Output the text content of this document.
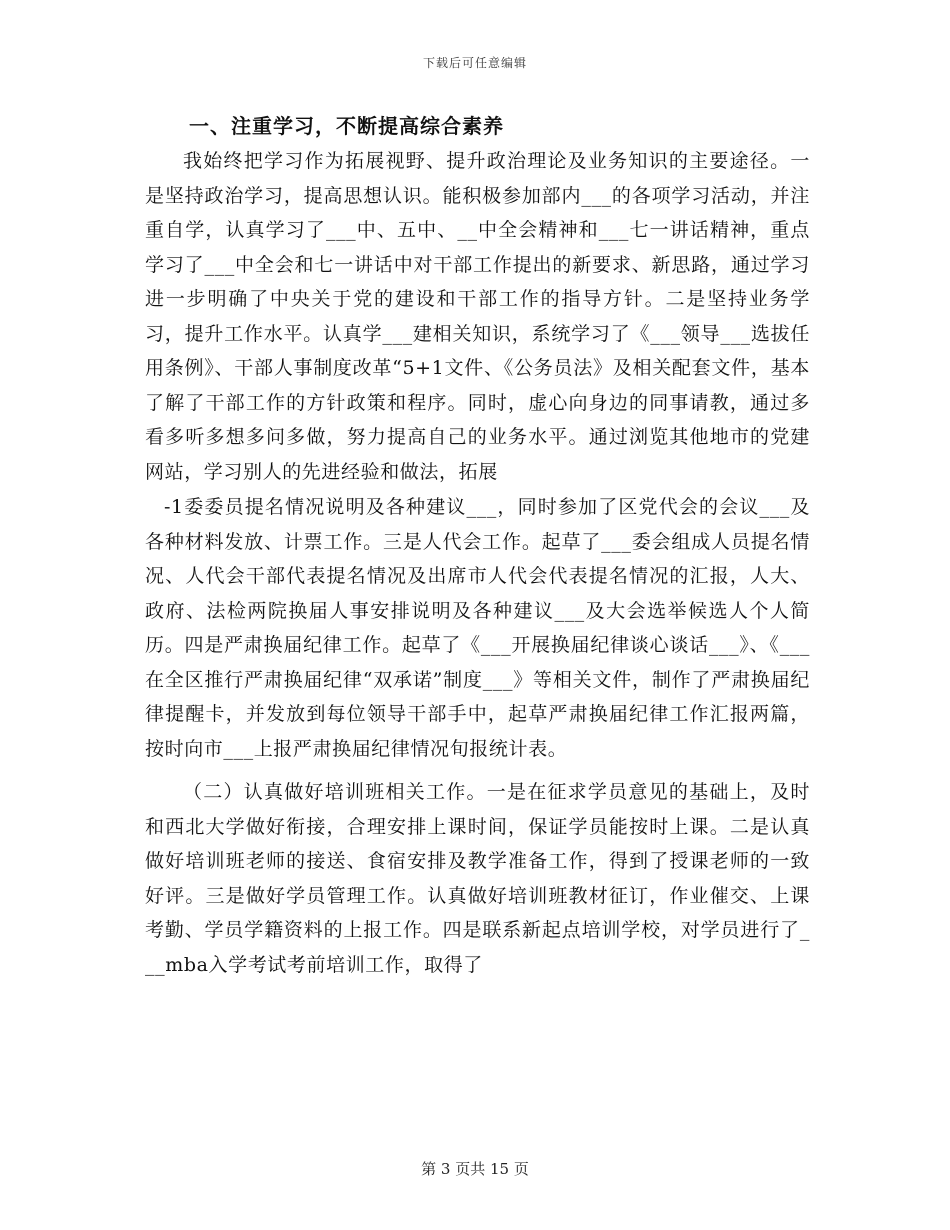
下载后可任意编辑

一、注重学习，不断提高综合素养

我始终把学习作为拓展视野、提升政治理论及业务知识的主要途径。一是坚持政治学习，提高思想认识。能积极参加部内___的各项学习活动，并注重自学，认真学习了___中、五中、__中全会精神和___七一讲话精神，重点学习了___中全会和七一讲话中对干部工作提出的新要求、新思路，通过学习进一步明确了中央关于党的建设和干部工作的指导方针。二是坚持业务学习，提升工作水平。认真学___建相关知识，系统学习了《___领导___选拔任用条例》、干部人事制度改革“5+1文件、《公务员法》及相关配套文件，基本了解了干部工作的方针政策和程序。同时，虚心向身边的同事请教，通过多看多听多想多问多做，努力提高自己的业务水平。通过浏览其他地市的党建网站，学习别人的先进经验和做法，拓展

-1委委员提名情况说明及各种建议___，同时参加了区党代会的会议___及各种材料发放、计票工作。三是人代会工作。起草了___委会组成人员提名情况、人代会干部代表提名情况及出席市人代会代表提名情况的汇报，人大、政府、法检两院换届人事安排说明及各种建议___及大会选举候选人个人简历。四是严肃换届纪律工作。起草了《___开展换届纪律谈心谈话___》、《___在全区推行严肃换届纪律“双承诺”制度___》等相关文件，制作了严肃换届纪律提醒卡，并发放到每位领导干部手中，起草严肃换届纪律工作汇报两篇，按时向市___上报严肃换届纪律情况旬报统计表。

（二）认真做好培训班相关工作。一是在征求学员意见的基础上，及时和西北大学做好衔接，合理安排上课时间，保证学员能按时上课。二是认真做好培训班老师的接送、食宿安排及教学准备工作，得到了授课老师的一致好评。三是做好学员管理工作。认真做好培训班教材征订，作业催交、上课考勤、学员学籍资料的上报工作。四是联系新起点培训学校，对学员进行了___mba入学考试考前培训工作，取得了

第 3 页共 15 页
